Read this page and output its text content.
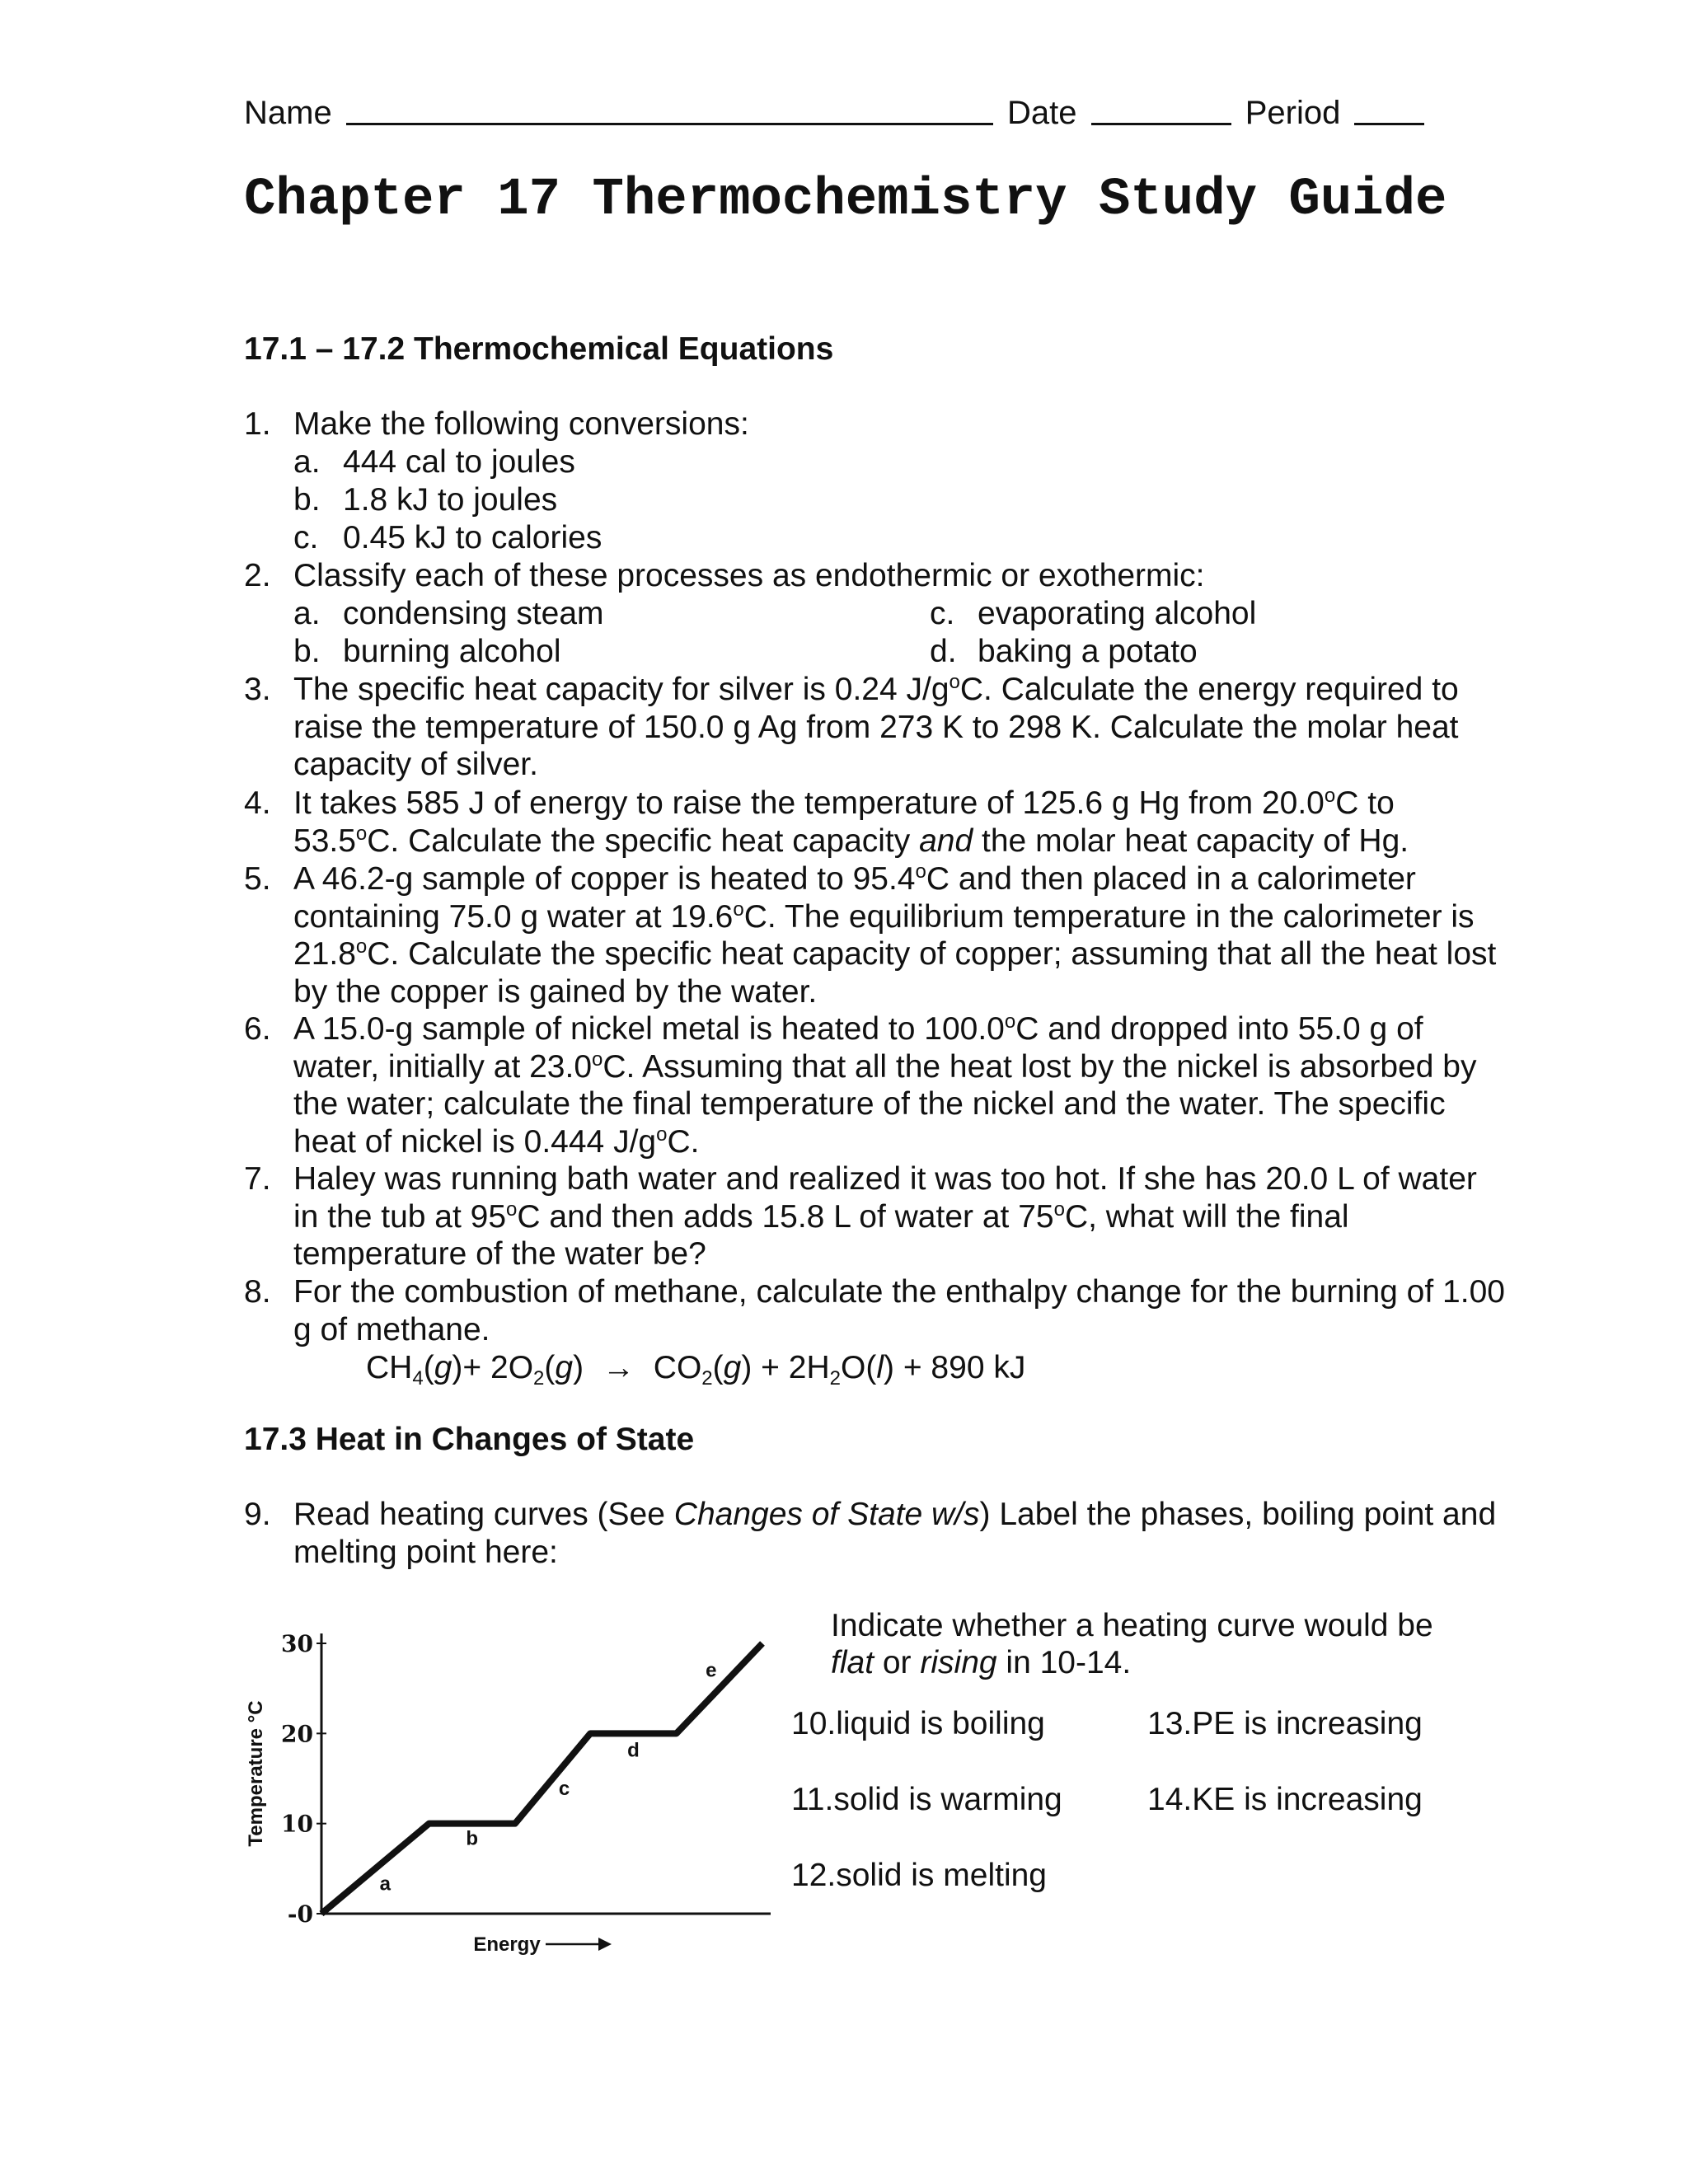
Name	Date	Period
Chapter 17 Thermochemistry Study Guide
17.1 – 17.2 Thermochemical Equations
1. Make the following conversions:
a. 444 cal to joules
b. 1.8 kJ to joules
c. 0.45 kJ to calories
2. Classify each of these processes as endothermic or exothermic:
a. condensing steam
b. burning alcohol
c. evaporating alcohol
d. baking a potato
3. The specific heat capacity for silver is 0.24 $J/g^oC$. Calculate the energy required to raise the temperature of 150.0 g Ag from 273 K to 298 K. Calculate the molar heat capacity of silver.
4. It takes 585 J of energy to raise the temperature of 125.6 g Hg from 20.0$^o$C to 53.5$^o$C. Calculate the specific heat capacity and the molar heat capacity of Hg.
5. A 46.2-g sample of copper is heated to 95.4$^o$C and then placed in a calorimeter containing 75.0 g water at 19.6$^o$C. The equilibrium temperature in the calorimeter is 21.8$^o$C. Calculate the specific heat capacity of copper; assuming that all the heat lost by the copper is gained by the water.
6. A 15.0-g sample of nickel metal is heated to 100.0$^o$C and dropped into 55.0 g of water, initially at 23.0$^o$C. Assuming that all the heat lost by the nickel is absorbed by the water; calculate the final temperature of the nickel and the water. The specific heat of nickel is 0.444 $J/g^oC$.
7. Haley was running bath water and realized it was too hot. If she has 20.0 L of water in the tub at 95$^o$C and then adds 15.8 L of water at 75$^o$C, what will the final temperature of the water be?
8. For the combustion of methane, calculate the enthalpy change for the burning of 1.00 g of methane.
$CH_4(g)+ 2O_2(g) \to CO_2(g) + 2H_2O(l) + 890$ kJ
17.3 Heat in Changes of State
9. Read heating curves (See Changes of State w/s) Label the phases, boiling point and melting point here:
-0
10
20
30
Temperature °C
Energy
a
b
c
d
e
Indicate whether a heating curve would be flat or rising in 10-14.
10.liquid is boiling
11.solid is warming
12.solid is melting
13.PE is increasing
14.KE is increasing
